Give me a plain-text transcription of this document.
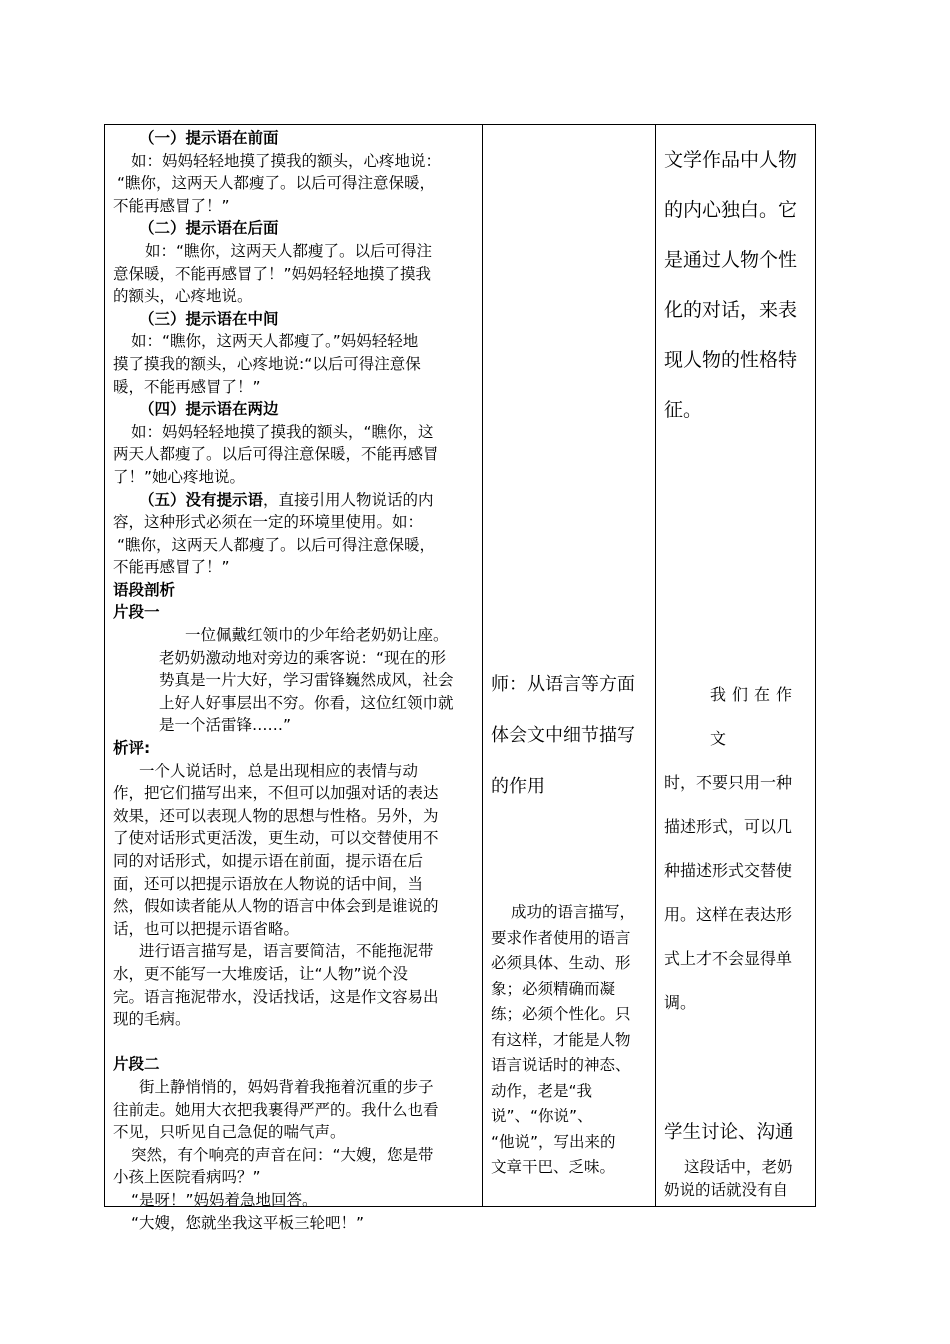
（一）提示语在前面

如：妈妈轻轻地摸了摸我的额头，心疼地说：

“瞧你，这两天人都瘦了。以后可得注意保暖，

不能再感冒了！”

（二）提示语在后面

如：“瞧你，这两天人都瘦了。以后可得注

意保暖，不能再感冒了！”妈妈轻轻地摸了摸我

的额头，心疼地说。

（三）提示语在中间

如：“瞧你，这两天人都瘦了。”妈妈轻轻地

摸了摸我的额头，心疼地说:“以后可得注意保

暖，不能再感冒了！”

（四）提示语在两边

如：妈妈轻轻地摸了摸我的额头，“瞧你，这

两天人都瘦了。以后可得注意保暖，不能再感冒

了！”她心疼地说。

（五）没有提示语，直接引用人物说话的内

容，这种形式必须在一定的环境里使用。如：

“瞧你，这两天人都瘦了。以后可得注意保暖，

不能再感冒了！”

语段剖析

片段一

一位佩戴红领巾的少年给老奶奶让座。

老奶奶激动地对旁边的乘客说：“现在的形

势真是一片大好，学习雷锋巍然成风，社会

上好人好事层出不穷。你看，这位红领巾就

是一个活雷锋……”

析评:

一个人说话时，总是出现相应的表情与动

作，把它们描写出来，不但可以加强对话的表达

效果，还可以表现人物的思想与性格。另外，为

了使对话形式更活泼，更生动，可以交替使用不

同的对话形式，如提示语在前面，提示语在后

面，还可以把提示语放在人物说的话中间，当

然，假如读者能从人物的语言中体会到是谁说的

话，也可以把提示语省略。

进行语言描写是，语言要简洁，不能拖泥带

水，更不能写一大堆废话，让“人物”说个没

完。语言拖泥带水，没话找话，这是作文容易出

现的毛病。

片段二

街上静悄悄的，妈妈背着我拖着沉重的步子

往前走。她用大衣把我裹得严严的。我什么也看

不见，只听见自己急促的喘气声。

突然，有个响亮的声音在问：“大嫂，您是带

小孩上医院看病吗？”

“是呀！”妈妈着急地回答。

“大嫂，您就坐我这平板三轮吧！”

师：从语言等方面
体会文中细节描写
的作用
成功的语言描写，
要求作者使用的语言
必须具体、生动、形
象；必须精确而凝
练；必须个性化。只
有这样，才能是人物
语言说话时的神态、
动作，老是“我
说”、“你说”、
“他说”，写出来的
文章干巴、乏味。
文学作品中人物
的内心独白。它
是通过人物个性
化的对话，来表
现人物的性格特
征。
我们在作文
时，不要只用一种
描述形式，可以几
种描述形式交替使
用。这样在表达形
式上才不会显得单
调。
学生讨论、沟通
这段话中，老奶
奶说的话就没有自
